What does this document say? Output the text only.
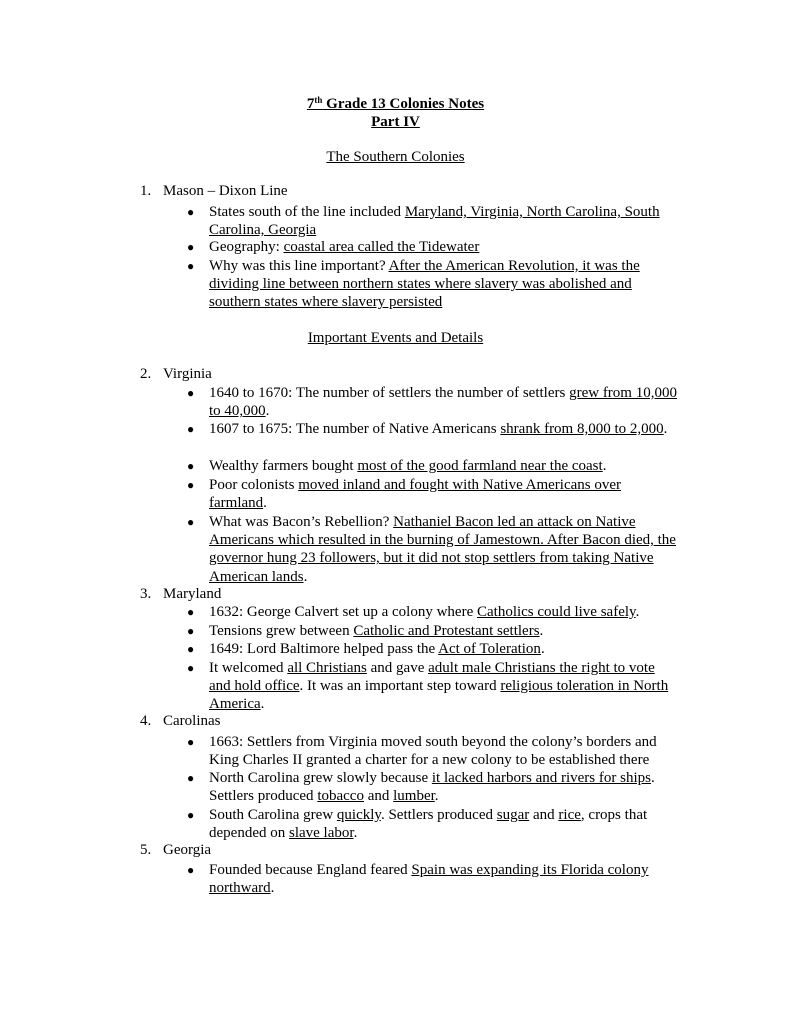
7th Grade 13 Colonies Notes
Part IV
The Southern Colonies
1. Mason – Dixon Line
● States south of the line included Maryland, Virginia, North Carolina, South Carolina, Georgia
● Geography: coastal area called the Tidewater
● Why was this line important? After the American Revolution, it was the dividing line between northern states where slavery was abolished and southern states where slavery persisted
Important Events and Details
2. Virginia
● 1640 to 1670: The number of settlers the number of settlers grew from 10,000 to 40,000.
● 1607 to 1675: The number of Native Americans shrank from 8,000 to 2,000.
● Wealthy farmers bought most of the good farmland near the coast.
● Poor colonists moved inland and fought with Native Americans over farmland.
● What was Bacon’s Rebellion? Nathaniel Bacon led an attack on Native Americans which resulted in the burning of Jamestown. After Bacon died, the governor hung 23 followers, but it did not stop settlers from taking Native American lands.
3. Maryland
● 1632: George Calvert set up a colony where Catholics could live safely.
● Tensions grew between Catholic and Protestant settlers.
● 1649: Lord Baltimore helped pass the Act of Toleration.
● It welcomed all Christians and gave adult male Christians the right to vote and hold office. It was an important step toward religious toleration in North America.
4. Carolinas
● 1663: Settlers from Virginia moved south beyond the colony’s borders and King Charles II granted a charter for a new colony to be established there
● North Carolina grew slowly because it lacked harbors and rivers for ships. Settlers produced tobacco and lumber.
● South Carolina grew quickly. Settlers produced sugar and rice, crops that depended on slave labor.
5. Georgia
● Founded because England feared Spain was expanding its Florida colony northward.
